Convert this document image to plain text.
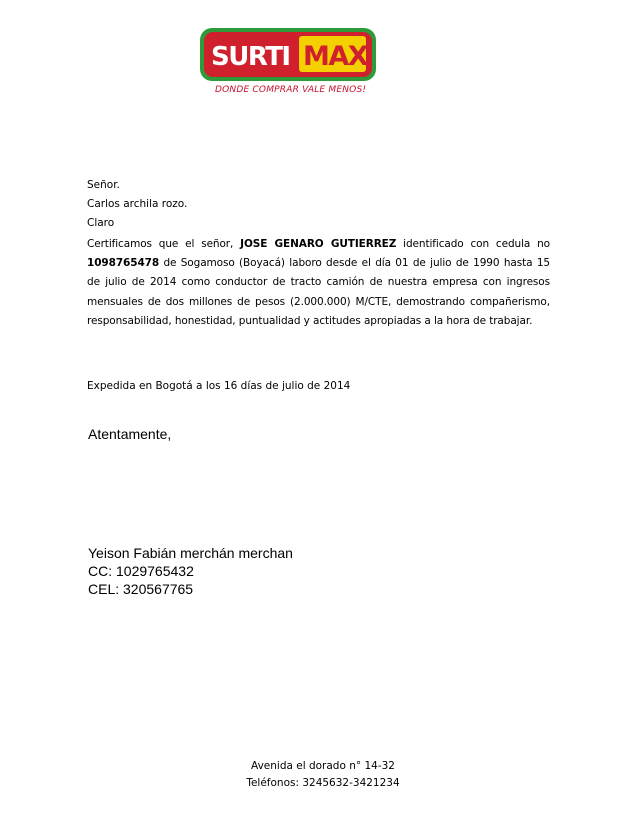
SURTI MAX
DONDE COMPRAR VALE MENOS!
Señor.
Carlos archila rozo.
Claro
Certificamos que el señor, JOSE GENARO GUTIERREZ identificado con cedula no 1098765478 de Sogamoso (Boyacá) laboro desde el día 01 de julio de 1990 hasta 15 de julio de 2014 como conductor de tracto camión de nuestra empresa con ingresos mensuales de dos millones de pesos (2.000.000) M/CTE, demostrando compañerismo, responsabilidad, honestidad, puntualidad y actitudes apropiadas a la hora de trabajar.
Expedida en Bogotá a los 16 días de julio de 2014
Atentamente,
Yeison Fabián merchán merchan
CC: 1029765432
CEL: 320567765
Avenida el dorado n° 14-32
Teléfonos: 3245632-3421234
